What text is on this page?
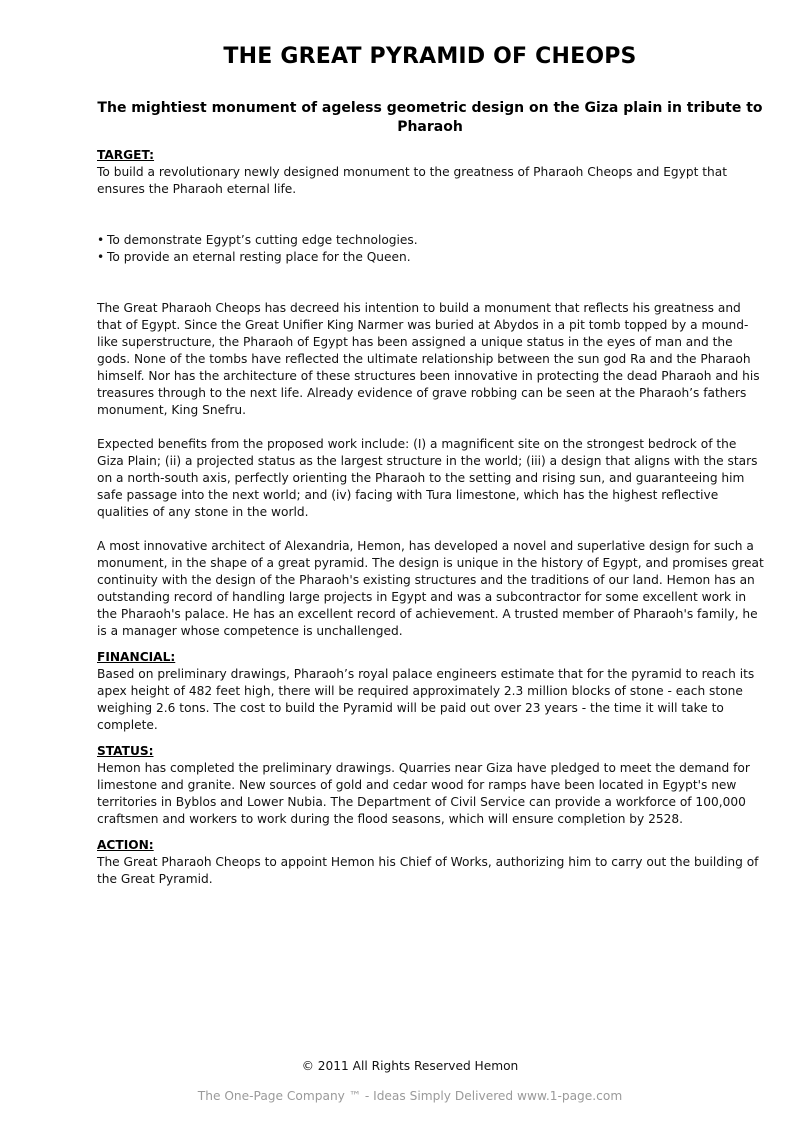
THE GREAT PYRAMID OF CHEOPS
The mightiest monument of ageless geometric design on the Giza plain in tribute to Pharaoh

TARGET:

To build a revolutionary newly designed monument to the greatness of Pharaoh Cheops and Egypt that ensures the Pharaoh eternal life.

• To demonstrate Egypt’s cutting edge technologies.
• To provide an eternal resting place for the Queen.

The Great Pharaoh Cheops has decreed his intention to build a monument that reflects his greatness and that of Egypt. Since the Great Unifier King Narmer was buried at Abydos in a pit tomb topped by a mound-like superstructure, the Pharaoh of Egypt has been assigned a unique status in the eyes of man and the gods. None of the tombs have reflected the ultimate relationship between the sun god Ra and the Pharaoh himself. Nor has the architecture of these structures been innovative in protecting the dead Pharaoh and his treasures through to the next life. Already evidence of grave robbing can be seen at the Pharaoh’s fathers monument, King Snefru.

Expected benefits from the proposed work include: (I) a magnificent site on the strongest bedrock of the Giza Plain; (ii) a projected status as the largest structure in the world; (iii) a design that aligns with the stars on a north-south axis, perfectly orienting the Pharaoh to the setting and rising sun, and guaranteeing him safe passage into the next world; and (iv) facing with Tura limestone, which has the highest reflective qualities of any stone in the world.

A most innovative architect of Alexandria, Hemon, has developed a novel and superlative design for such a monument, in the shape of a great pyramid. The design is unique in the history of Egypt, and promises great continuity with the design of the Pharaoh's existing structures and the traditions of our land. Hemon has an outstanding record of handling large projects in Egypt and was a subcontractor for some excellent work in the Pharaoh's palace. He has an excellent record of achievement. A trusted member of Pharaoh's family, he is a manager whose competence is unchallenged.

FINANCIAL:

Based on preliminary drawings, Pharaoh’s royal palace engineers estimate that for the pyramid to reach its apex height of 482 feet high, there will be required approximately 2.3 million blocks of stone - each stone weighing 2.6 tons. The cost to build the Pyramid will be paid out over 23 years - the time it will take to complete.

STATUS:

Hemon has completed the preliminary drawings. Quarries near Giza have pledged to meet the demand for limestone and granite. New sources of gold and cedar wood for ramps have been located in Egypt's new territories in Byblos and Lower Nubia. The Department of Civil Service can provide a workforce of 100,000 craftsmen and workers to work during the flood seasons, which will ensure completion by 2528.

ACTION:

The Great Pharaoh Cheops to appoint Hemon his Chief of Works, authorizing him to carry out the building of the Great Pyramid.

© 2011 All Rights Reserved Hemon
The One-Page Company ™ - Ideas Simply Delivered www.1-page.com
